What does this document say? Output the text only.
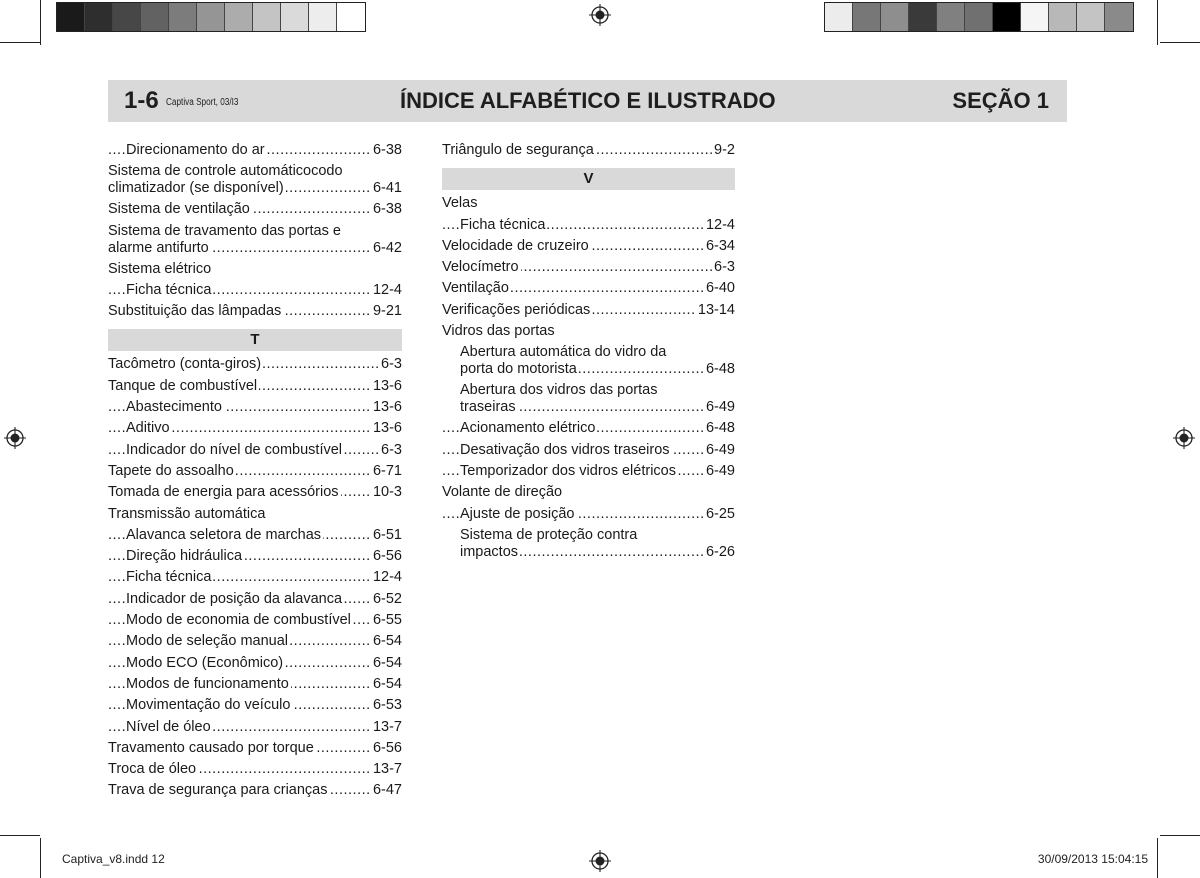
1-6 Captiva Sport, 03/I3	ÍNDICE ALFABÉTICO E ILUSTRADO	SEÇÃO 1
Direcionamento do ar	6-38
.....
Sistema de controle automáticocodo
climatizador (se disponível)	6-41
.....
Sistema de ventilação	6-38
.....
Sistema de travamento das portas e
alarme antifurto	6-42
.....
Sistema elétrico
Ficha técnica	12-4
.....
Substituição das lâmpadas	9-21
.....
T
Tacômetro (conta-giros)	6-3
.....
Tanque de combustível	13-6
.....
Abastecimento	13-6
.....
Aditivo	13-6
.....
Indicador do nível de combustível	6-3
.....
Tapete do assoalho	6-71
.....
Tomada de energia para acessórios 10-3
.....
Transmissão automática
Alavanca seletora de marchas	6-51
.....
Direção hidráulica	6-56
.....
Ficha técnica	12-4
.....
Indicador de posição da alavanca 6-52
.....
Modo de economia de combustível 6-55
.....
Modo de seleção manual	6-54
.....
Modo ECO (Econômico)	6-54
.....
Modos de funcionamento	6-54
.....
Movimentação do veículo	6-53
.....
Nível de óleo	13-7
.....
Travamento causado por torque	6-56
.....
Troca de óleo	13-7
.....
Trava de segurança para crianças	6-47
.....
Triângulo de segurança	9-2
.....
V
Velas
Ficha técnica	12-4
.....
Velocidade de cruzeiro	6-34
.....
Velocímetro	6-3
.....
Ventilação	6-40
.....
Verificações periódicas	13-14
.....
Vidros das portas
Abertura automática do vidro da
porta do motorista	6-48
.....
Abertura dos vidros das portas
traseiras	6-49
.....
Acionamento elétrico	6-48
.....
Desativação dos vidros traseiros	6-49
.....
Temporizador dos vidros elétricos 6-49
.....
Volante de direção
Ajuste de posição	6-25
.....
Sistema de proteção contra
impactos	6-26
.....
Captiva_v8.indd 12	30/09/2013 15:04:15
